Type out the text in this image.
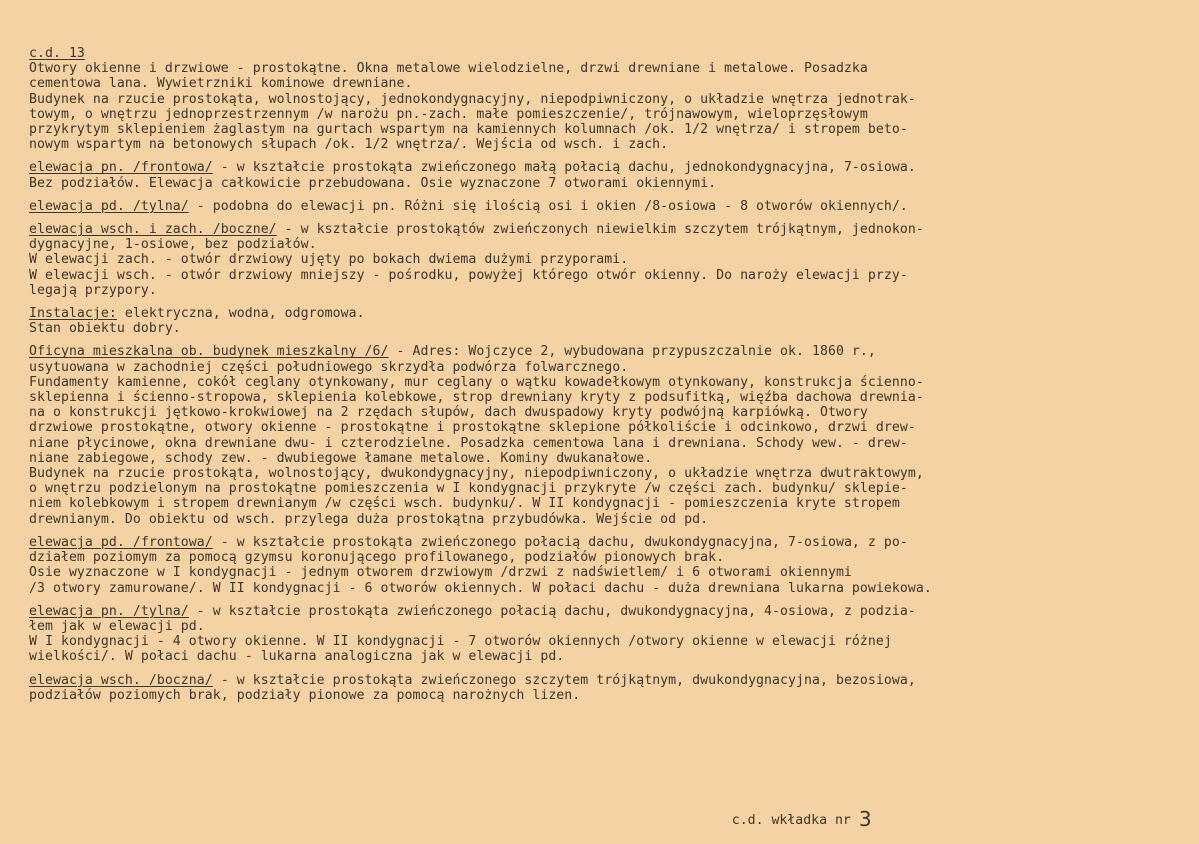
c.d. 13
Otwory okienne i drzwiowe - prostokątne. Okna metalowe wielodzielne, drzwi drewniane i metalowe. Posadzka
cementowa lana. Wywietrzniki kominowe drewniane.
Budynek na rzucie prostokąta, wolnostojący, jednokondygnacyjny, niepodpiwniczony, o układzie wnętrza jednotrak-
towym, o wnętrzu jednoprzestrzennym /w narożu pn.-zach. małe pomieszczenie/, trójnawowym, wieloprzęsłowym
przykrytym sklepieniem żaglastym na gurtach wspartym na kamiennych kolumnach /ok. 1/2 wnętrza/ i stropem beto-
nowym wspartym na betonowych słupach /ok. 1/2 wnętrza/. Wejścia od wsch. i zach.
elewacja pn. /frontowa/ - w kształcie prostokąta zwieńczonego małą połacią dachu, jednokondygnacyjna, 7-osiowa.
Bez podziałów. Elewacja całkowicie przebudowana. Osie wyznaczone 7 otworami okiennymi.
elewacja pd. /tylna/ - podobna do elewacji pn. Różni się ilością osi i okien /8-osiowa - 8 otworów okiennych/.
elewacja wsch. i zach. /boczne/ - w kształcie prostokątów zwieńczonych niewielkim szczytem trójkątnym, jednokon-
dygnacyjne, 1-osiowe, bez podziałów.
W elewacji zach. - otwór drzwiowy ujęty po bokach dwiema dużymi przyporami.
W elewacji wsch. - otwór drzwiowy mniejszy - pośrodku, powyżej którego otwór okienny. Do naroży elewacji przy-
legają przypory.
Instalacje: elektryczna, wodna, odgromowa.
Stan obiektu dobry.
Oficyna mieszkalna ob. budynek mieszkalny /6/ - Adres: Wojczyce 2, wybudowana przypuszczalnie ok. 1860 r.,
usytuowana w zachodniej części południowego skrzydła podwórza folwarcznego.
Fundamenty kamienne, cokół ceglany otynkowany, mur ceglany o wątku kowadełkowym otynkowany, konstrukcja ścienno-
sklepienna i ścienno-stropowa, sklepienia kolebkowe, strop drewniany kryty z podsufitką, więźba dachowa drewnia-
na o konstrukcji jętkowo-krokwiowej na 2 rzędach słupów, dach dwuspadowy kryty podwójną karpiówką. Otwory
drzwiowe prostokątne, otwory okienne - prostokątne i prostokątne sklepione półkoliście i odcinkowo, drzwi drew-
niane płycinowe, okna drewniane dwu- i czterodzielne. Posadzka cementowa lana i drewniana. Schody wew. - drew-
niane zabiegowe, schody zew. - dwubiegowe łamane metalowe. Kominy dwukanałowe.
Budynek na rzucie prostokąta, wolnostojący, dwukondygnacyjny, niepodpiwniczony, o układzie wnętrza dwutraktowym,
o wnętrzu podzielonym na prostokątne pomieszczenia w I kondygnacji przykryte /w części zach. budynku/ sklepie-
niem kolebkowym i stropem drewnianym /w części wsch. budynku/. W II kondygnacji - pomieszczenia kryte stropem
drewnianym. Do obiektu od wsch. przylega duża prostokątna przybudówka. Wejście od pd.
elewacja pd. /frontowa/ - w kształcie prostokąta zwieńczonego połacią dachu, dwukondygnacyjna, 7-osiowa, z po-
działem poziomym za pomocą gzymsu koronującego profilowanego, podziałów pionowych brak.
Osie wyznaczone w I kondygnacji - jednym otworem drzwiowym /drzwi z nadświetlem/ i 6 otworami okiennymi
/3 otwory zamurowane/. W II kondygnacji - 6 otworów okiennych. W połaci dachu - duża drewniana lukarna powiekowa.
elewacja pn. /tylna/ - w kształcie prostokąta zwieńczonego połacią dachu, dwukondygnacyjna, 4-osiowa, z podzia-
łem jak w elewacji pd.
W I kondygnacji - 4 otwory okienne. W II kondygnacji - 7 otworów okiennych /otwory okienne w elewacji różnej
wielkości/. W połaci dachu - lukarna analogiczna jak w elewacji pd.
elewacja wsch. /boczna/ - w kształcie prostokąta zwieńczonego szczytem trójkątnym, dwukondygnacyjna, bezosiowa,
podziałów poziomych brak, podziały pionowe za pomocą narożnych lizen.

c.d. wkładka nr 3
